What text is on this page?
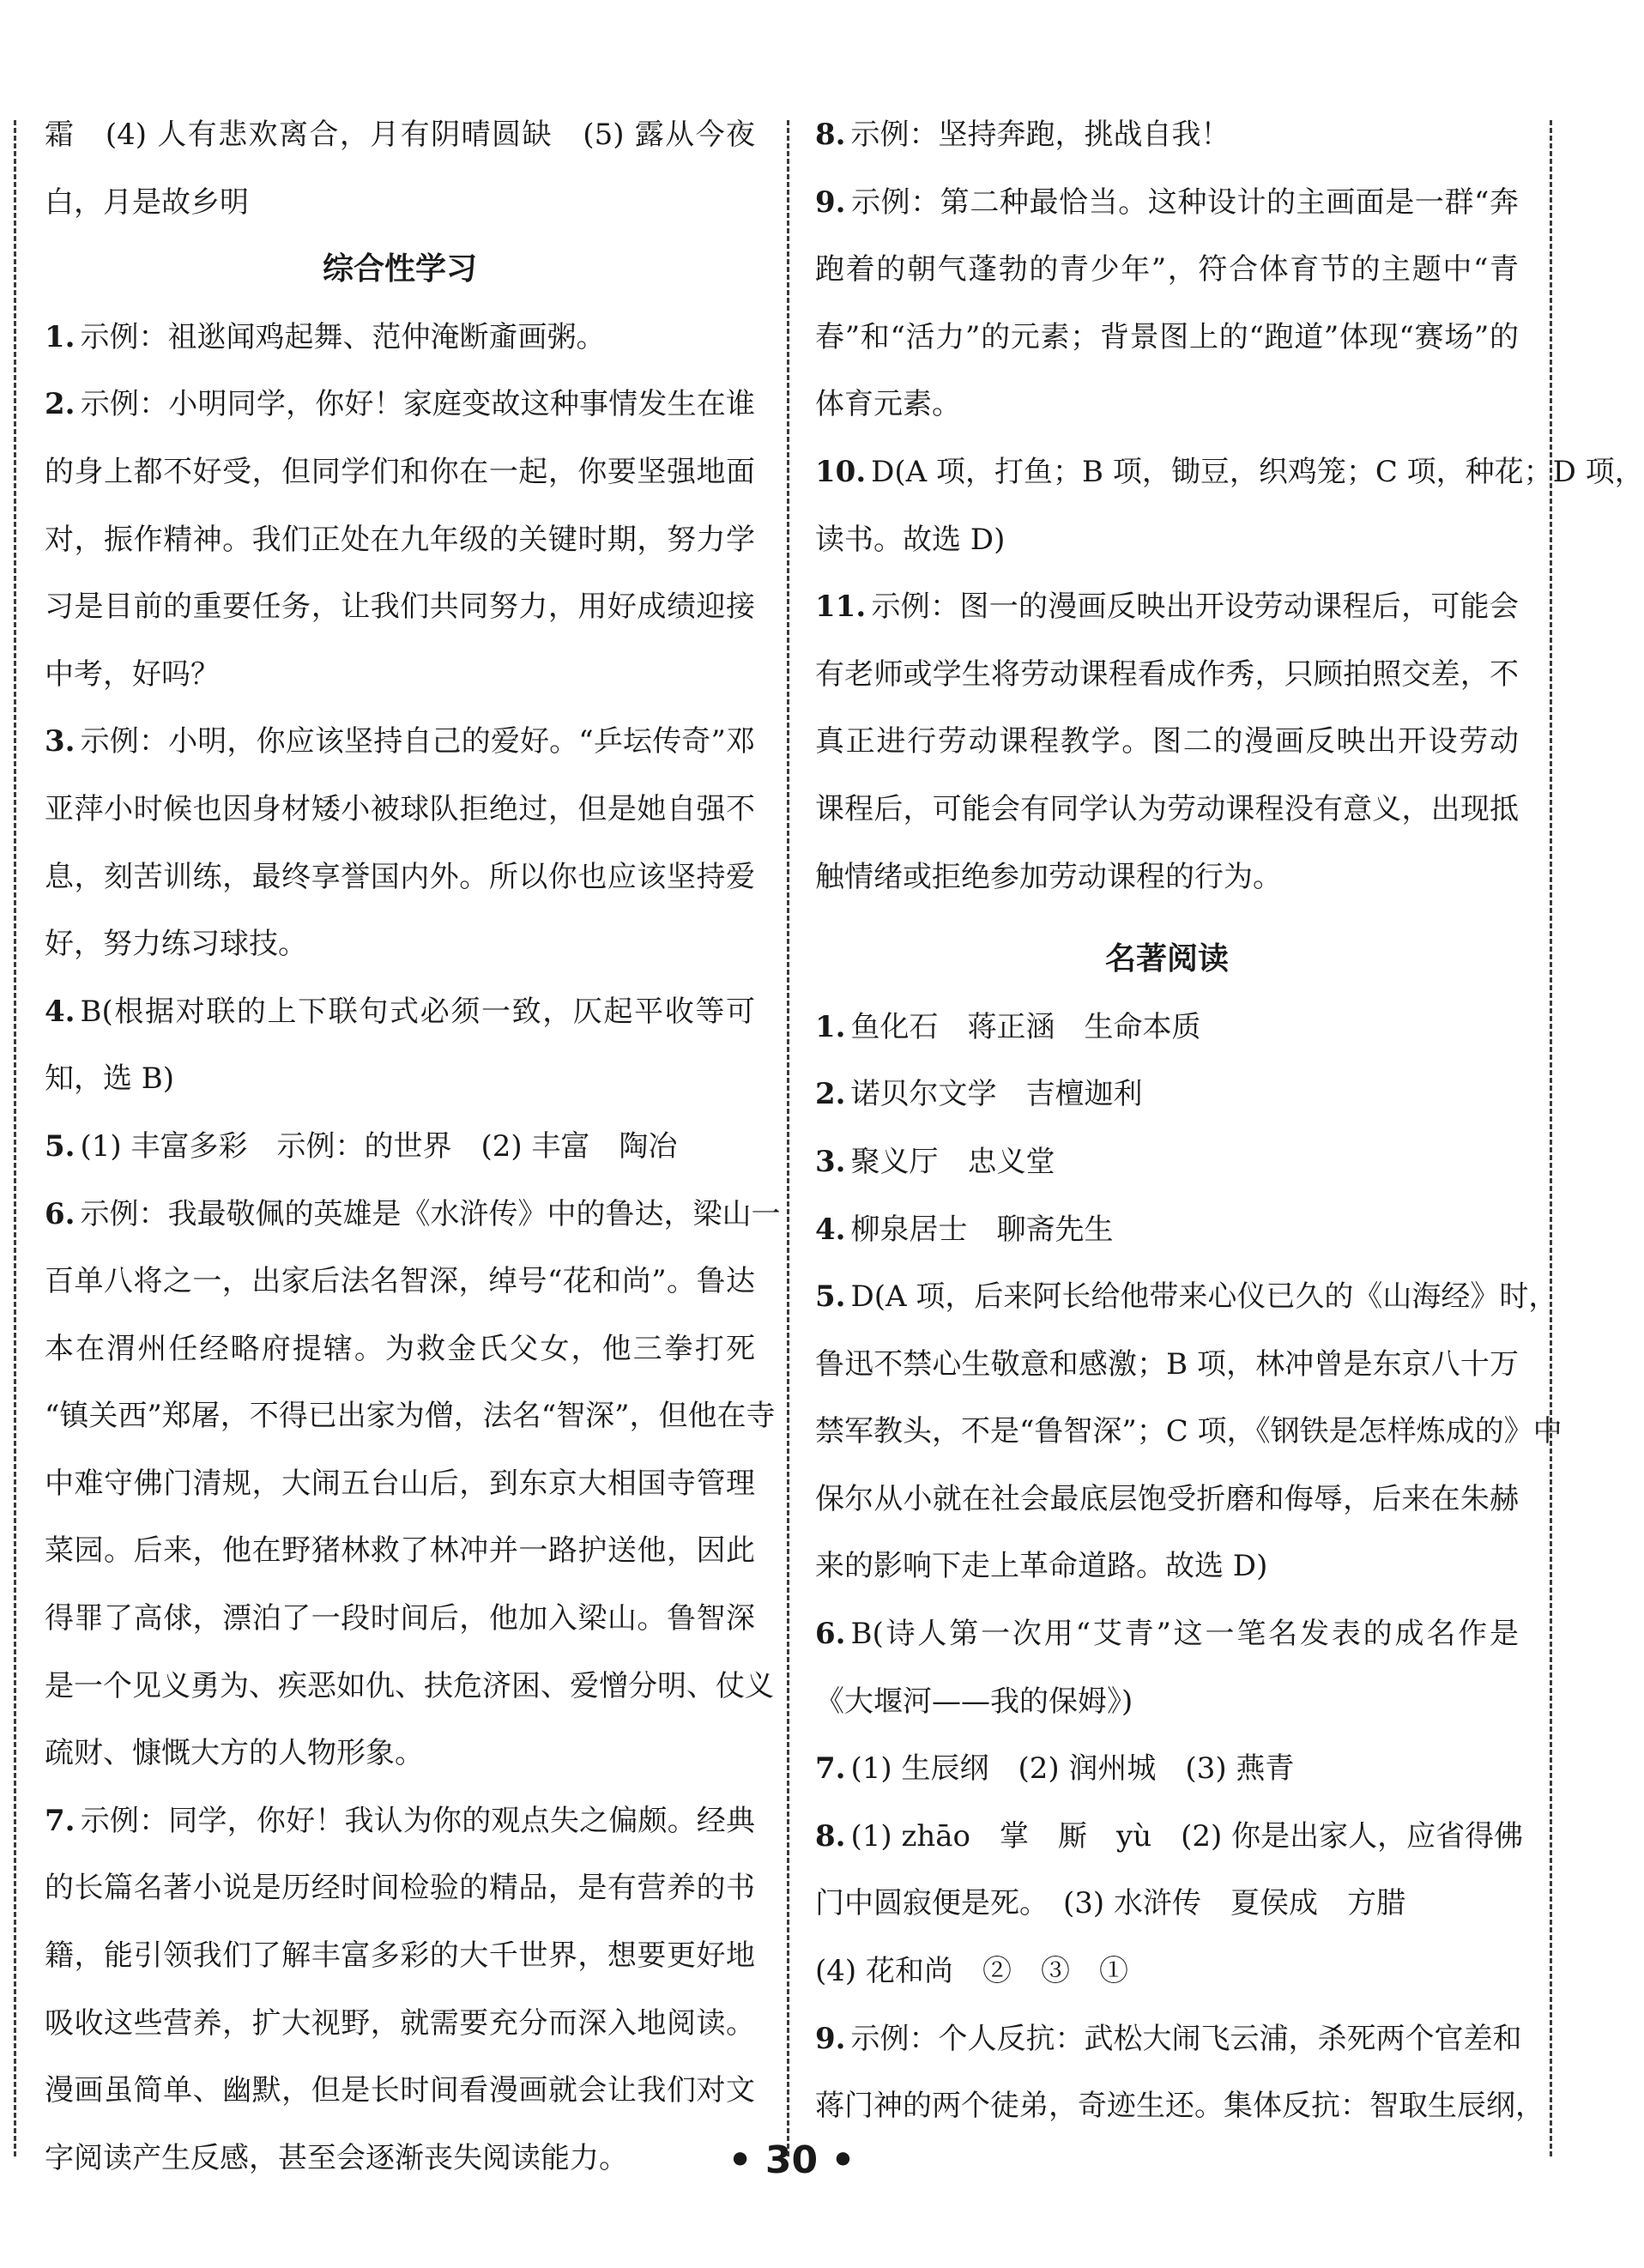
霜　(4) 人有悲欢离合，月有阴晴圆缺　(5) 露从今夜
白，月是故乡明
综合性学习
1. 示例：祖逖闻鸡起舞、范仲淹断齑画粥。
2. 示例：小明同学，你好！家庭变故这种事情发生在谁
的身上都不好受，但同学们和你在一起，你要坚强地面
对，振作精神。我们正处在九年级的关键时期，努力学
习是目前的重要任务，让我们共同努力，用好成绩迎接
中考，好吗？
3. 示例：小明，你应该坚持自己的爱好。“乒坛传奇”邓
亚萍小时候也因身材矮小被球队拒绝过，但是她自强不
息，刻苦训练，最终享誉国内外。所以你也应该坚持爱
好，努力练习球技。
4. B(根据对联的上下联句式必须一致，仄起平收等可
知，选 B)
5. (1) 丰富多彩　示例：的世界　(2) 丰富　陶冶
6. 示例：我最敬佩的英雄是《水浒传》中的鲁达，梁山一
百单八将之一，出家后法名智深，绰号“花和尚”。鲁达
本在渭州任经略府提辖。为救金氏父女，他三拳打死
“镇关西”郑屠，不得已出家为僧，法名“智深”，但他在寺
中难守佛门清规，大闹五台山后，到东京大相国寺管理
菜园。后来，他在野猪林救了林冲并一路护送他，因此
得罪了高俅，漂泊了一段时间后，他加入梁山。鲁智深
是一个见义勇为、疾恶如仇、扶危济困、爱憎分明、仗义
疏财、慷慨大方的人物形象。
7. 示例：同学，你好！我认为你的观点失之偏颇。经典
的长篇名著小说是历经时间检验的精品，是有营养的书
籍，能引领我们了解丰富多彩的大千世界，想要更好地
吸收这些营养，扩大视野，就需要充分而深入地阅读。
漫画虽简单、幽默，但是长时间看漫画就会让我们对文
字阅读产生反感，甚至会逐渐丧失阅读能力。
8. 示例：坚持奔跑，挑战自我！
9. 示例：第二种最恰当。这种设计的主画面是一群“奔
跑着的朝气蓬勃的青少年”，符合体育节的主题中“青
春”和“活力”的元素；背景图上的“跑道”体现“赛场”的
体育元素。
10. D(A 项，打鱼；B 项，锄豆，织鸡笼；C 项，种花；D 项，
读书。故选 D)
11. 示例：图一的漫画反映出开设劳动课程后，可能会
有老师或学生将劳动课程看成作秀，只顾拍照交差，不
真正进行劳动课程教学。图二的漫画反映出开设劳动
课程后，可能会有同学认为劳动课程没有意义，出现抵
触情绪或拒绝参加劳动课程的行为。
名著阅读
1. 鱼化石　蒋正涵　生命本质
2. 诺贝尔文学　吉檀迦利
3. 聚义厅　忠义堂
4. 柳泉居士　聊斋先生
5. D(A 项，后来阿长给他带来心仪已久的《山海经》时，
鲁迅不禁心生敬意和感激；B 项，林冲曾是东京八十万
禁军教头，不是“鲁智深”；C 项，《钢铁是怎样炼成的》中
保尔从小就在社会最底层饱受折磨和侮辱，后来在朱赫
来的影响下走上革命道路。故选 D)
6. B(诗人第一次用“艾青”这一笔名发表的成名作是
《大堰河——我的保姆》)
7. (1) 生辰纲　(2) 润州城　(3) 燕青
8. (1) zhāo　掌　厮　yù　(2) 你是出家人，应省得佛
门中圆寂便是死。　(3) 水浒传　夏侯成　方腊
(4) 花和尚　②　③　①
9. 示例：个人反抗：武松大闹飞云浦，杀死两个官差和
蒋门神的两个徒弟，奇迹生还。集体反抗：智取生辰纲，
• 30 •
